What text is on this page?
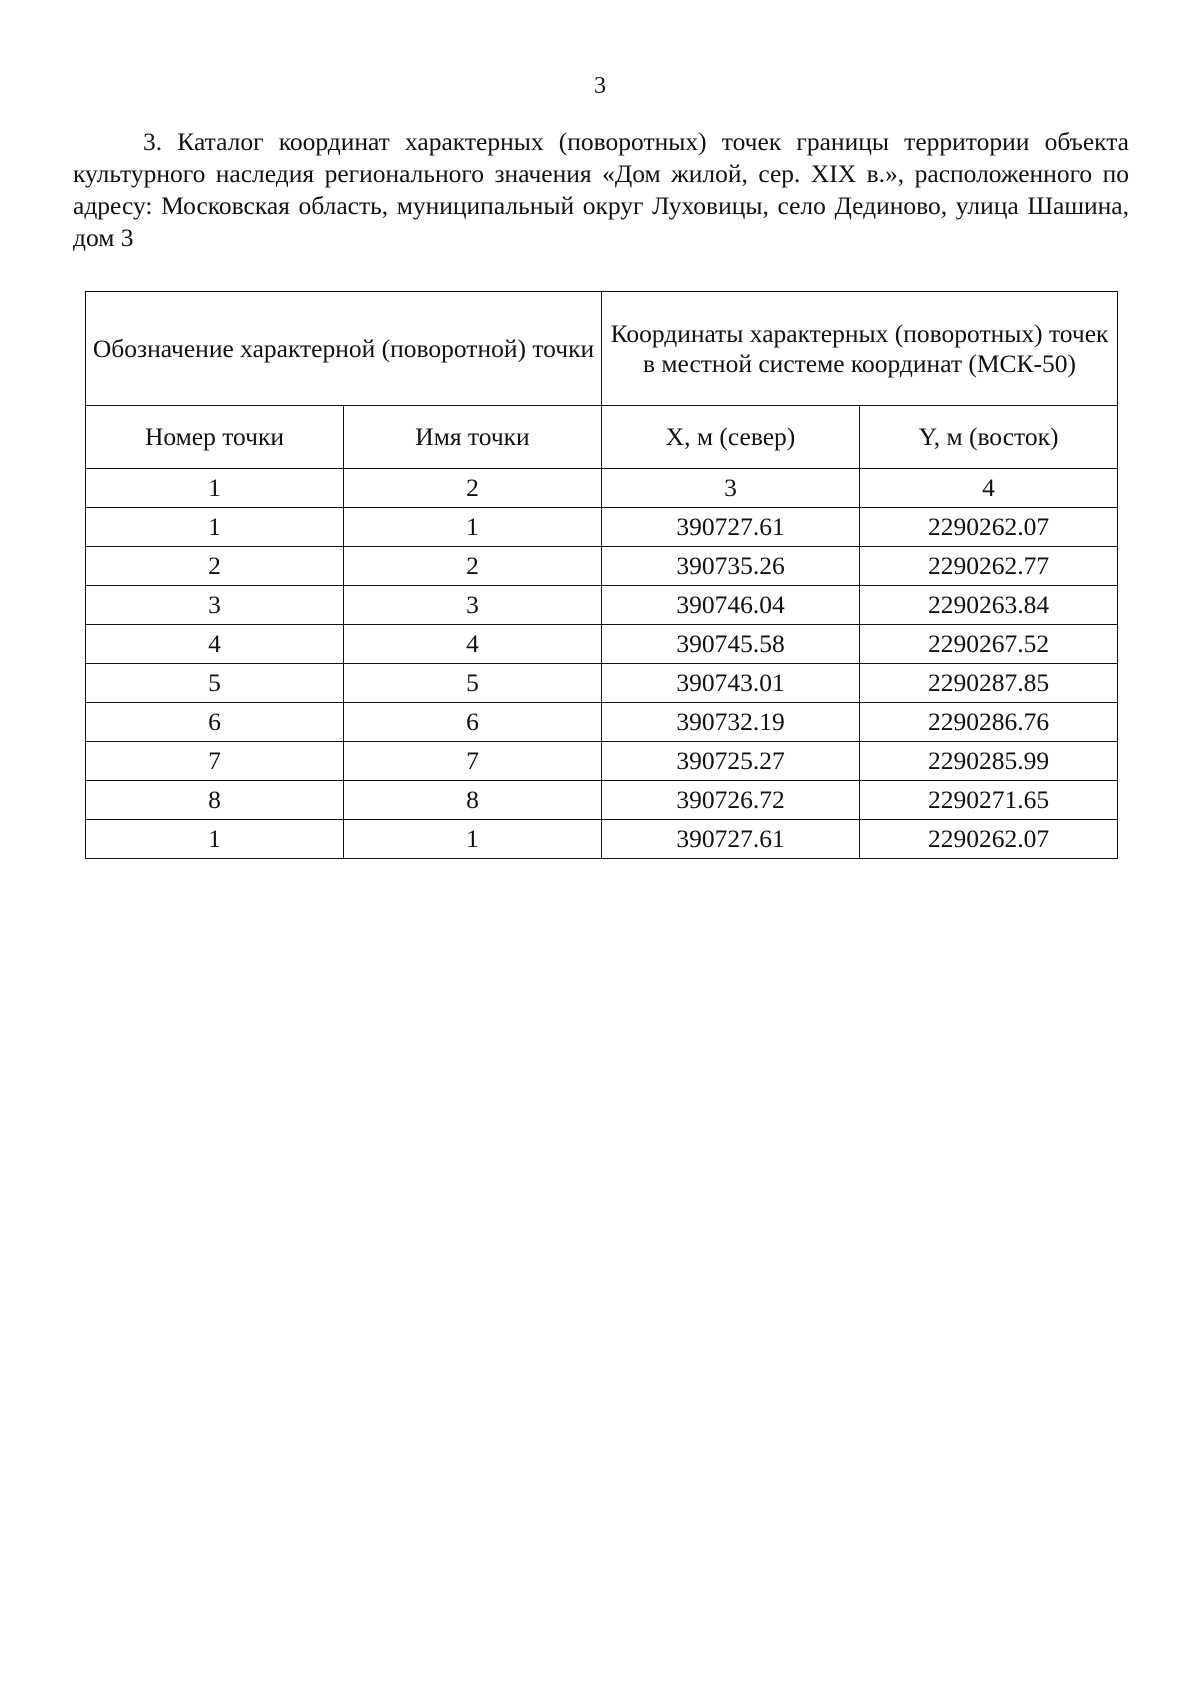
3

3. Каталог координат характерных (поворотных) точек границы территории объекта культурного наследия регионального значения «Дом жилой, сер. XIX в.», расположенного по адресу: Московская область, муниципальный округ Луховицы, село Дединово, улица Шашина, дом 3

Обозначение характерной (поворотной) точки		Координаты характерных (поворотных) точек в местной системе координат (МСК-50)	
Номер точки	Имя точки	X, м (север)	Y, м (восток)
1	2	3	4
1	1	390727.61	2290262.07
2	2	390735.26	2290262.77
3	3	390746.04	2290263.84
4	4	390745.58	2290267.52
5	5	390743.01	2290287.85
6	6	390732.19	2290286.76
7	7	390725.27	2290285.99
8	8	390726.72	2290271.65
1	1	390727.61	2290262.07
